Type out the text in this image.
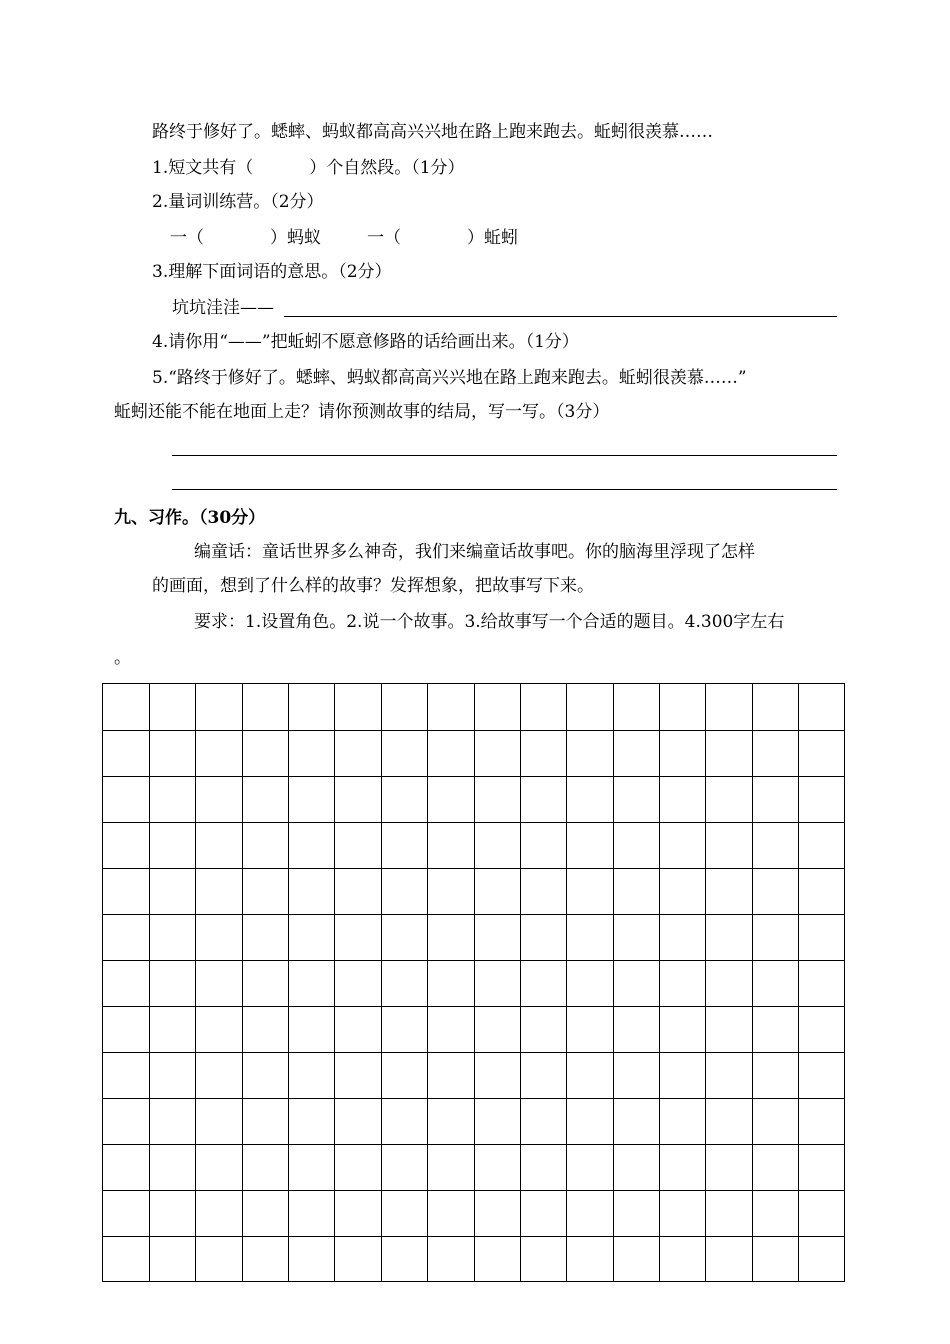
路终于修好了。蟋蟀、蚂蚁都高高兴兴地在路上跑来跑去。蚯蚓很羡慕……
1.短文共有（	）个自然段。（1分）
2.量词训练营。（2分）
一（	）蚂蚁	一（	）蚯蚓
3.理解下面词语的意思。（2分）
坑坑洼洼——
4.请你用“——”把蚯蚓不愿意修路的话给画出来。（1分）
5.“路终于修好了。蟋蟀、蚂蚁都高高兴兴地在路上跑来跑去。蚯蚓很羡慕……”
蚯蚓还能不能在地面上走？请你预测故事的结局，写一写。（3分）
九、习作。（30分）
编童话：童话世界多么神奇，我们来编童话故事吧。你的脑海里浮现了怎样
的画面，想到了什么样的故事？发挥想象，把故事写下来。
要求：1.设置角色。2.说一个故事。3.给故事写一个合适的题目。4.300字左右
。
